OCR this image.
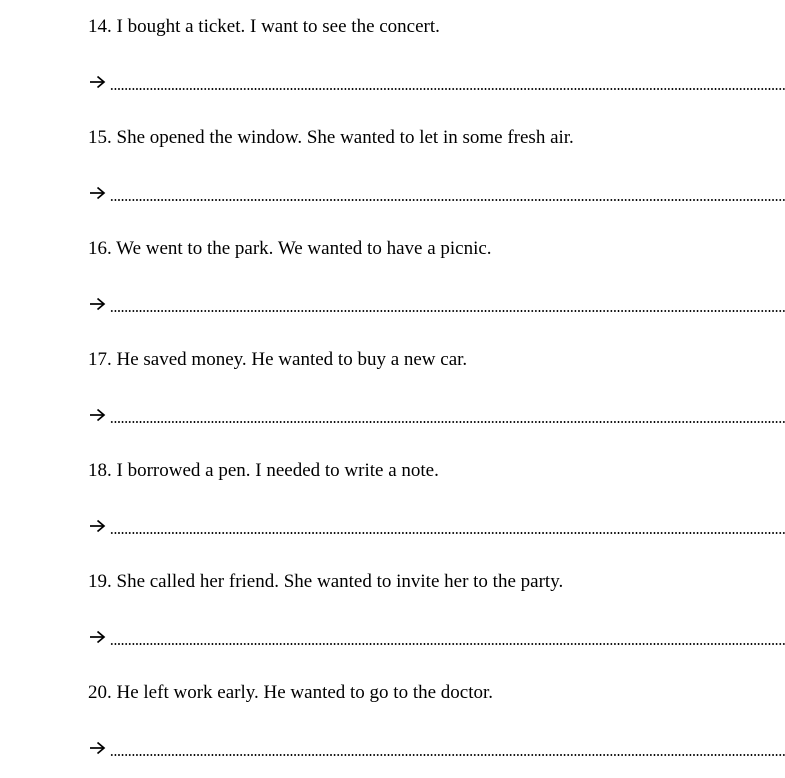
14. I bought a ticket. I want to see the concert.
15. She opened the window. She wanted to let in some fresh air.
16. We went to the park. We wanted to have a picnic.
17. He saved money. He wanted to buy a new car.
18. I borrowed a pen. I needed to write a note.
19. She called her friend. She wanted to invite her to the party.
20. He left work early. He wanted to go to the doctor.
